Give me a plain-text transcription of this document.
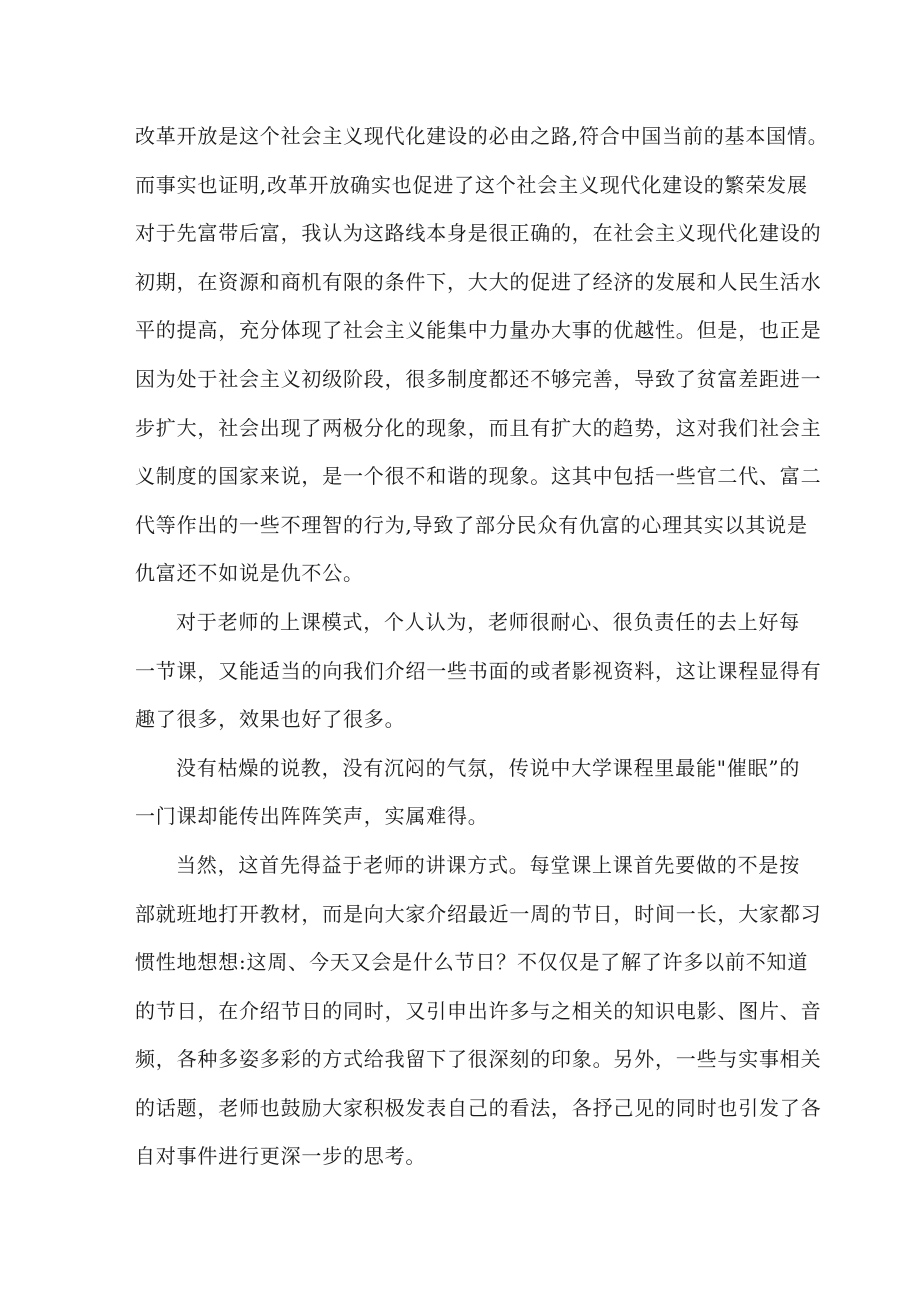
改革开放是这个社会主义现代化建设的必由之路,符合中国当前的基本国情。
而事实也证明,改革开放确实也促进了这个社会主义现代化建设的繁荣发展
对于先富带后富，我认为这路线本身是很正确的，在社会主义现代化建设的
初期，在资源和商机有限的条件下，大大的促进了经济的发展和人民生活水
平的提高，充分体现了社会主义能集中力量办大事的优越性。但是，也正是
因为处于社会主义初级阶段，很多制度都还不够完善，导致了贫富差距进一
步扩大，社会出现了两极分化的现象，而且有扩大的趋势，这对我们社会主
义制度的国家来说，是一个很不和谐的现象。这其中包括一些官二代、富二
代等作出的一些不理智的行为,导致了部分民众有仇富的心理其实以其说是
仇富还不如说是仇不公。
对于老师的上课模式，个人认为，老师很耐心、很负责任的去上好每
一节课，又能适当的向我们介绍一些书面的或者影视资料，这让课程显得有
趣了很多，效果也好了很多。
没有枯燥的说教，没有沉闷的气氛，传说中大学课程里最能"催眠”的
一门课却能传出阵阵笑声，实属难得。
当然，这首先得益于老师的讲课方式。每堂课上课首先要做的不是按
部就班地打开教材，而是向大家介绍最近一周的节日，时间一长，大家都习
惯性地想想:这周、今天又会是什么节日？不仅仅是了解了许多以前不知道
的节日，在介绍节日的同时，又引申出许多与之相关的知识电影、图片、音
频，各种多姿多彩的方式给我留下了很深刻的印象。另外，一些与实事相关
的话题，老师也鼓励大家积极发表自己的看法，各抒己见的同时也引发了各
自对事件进行更深一步的思考。
